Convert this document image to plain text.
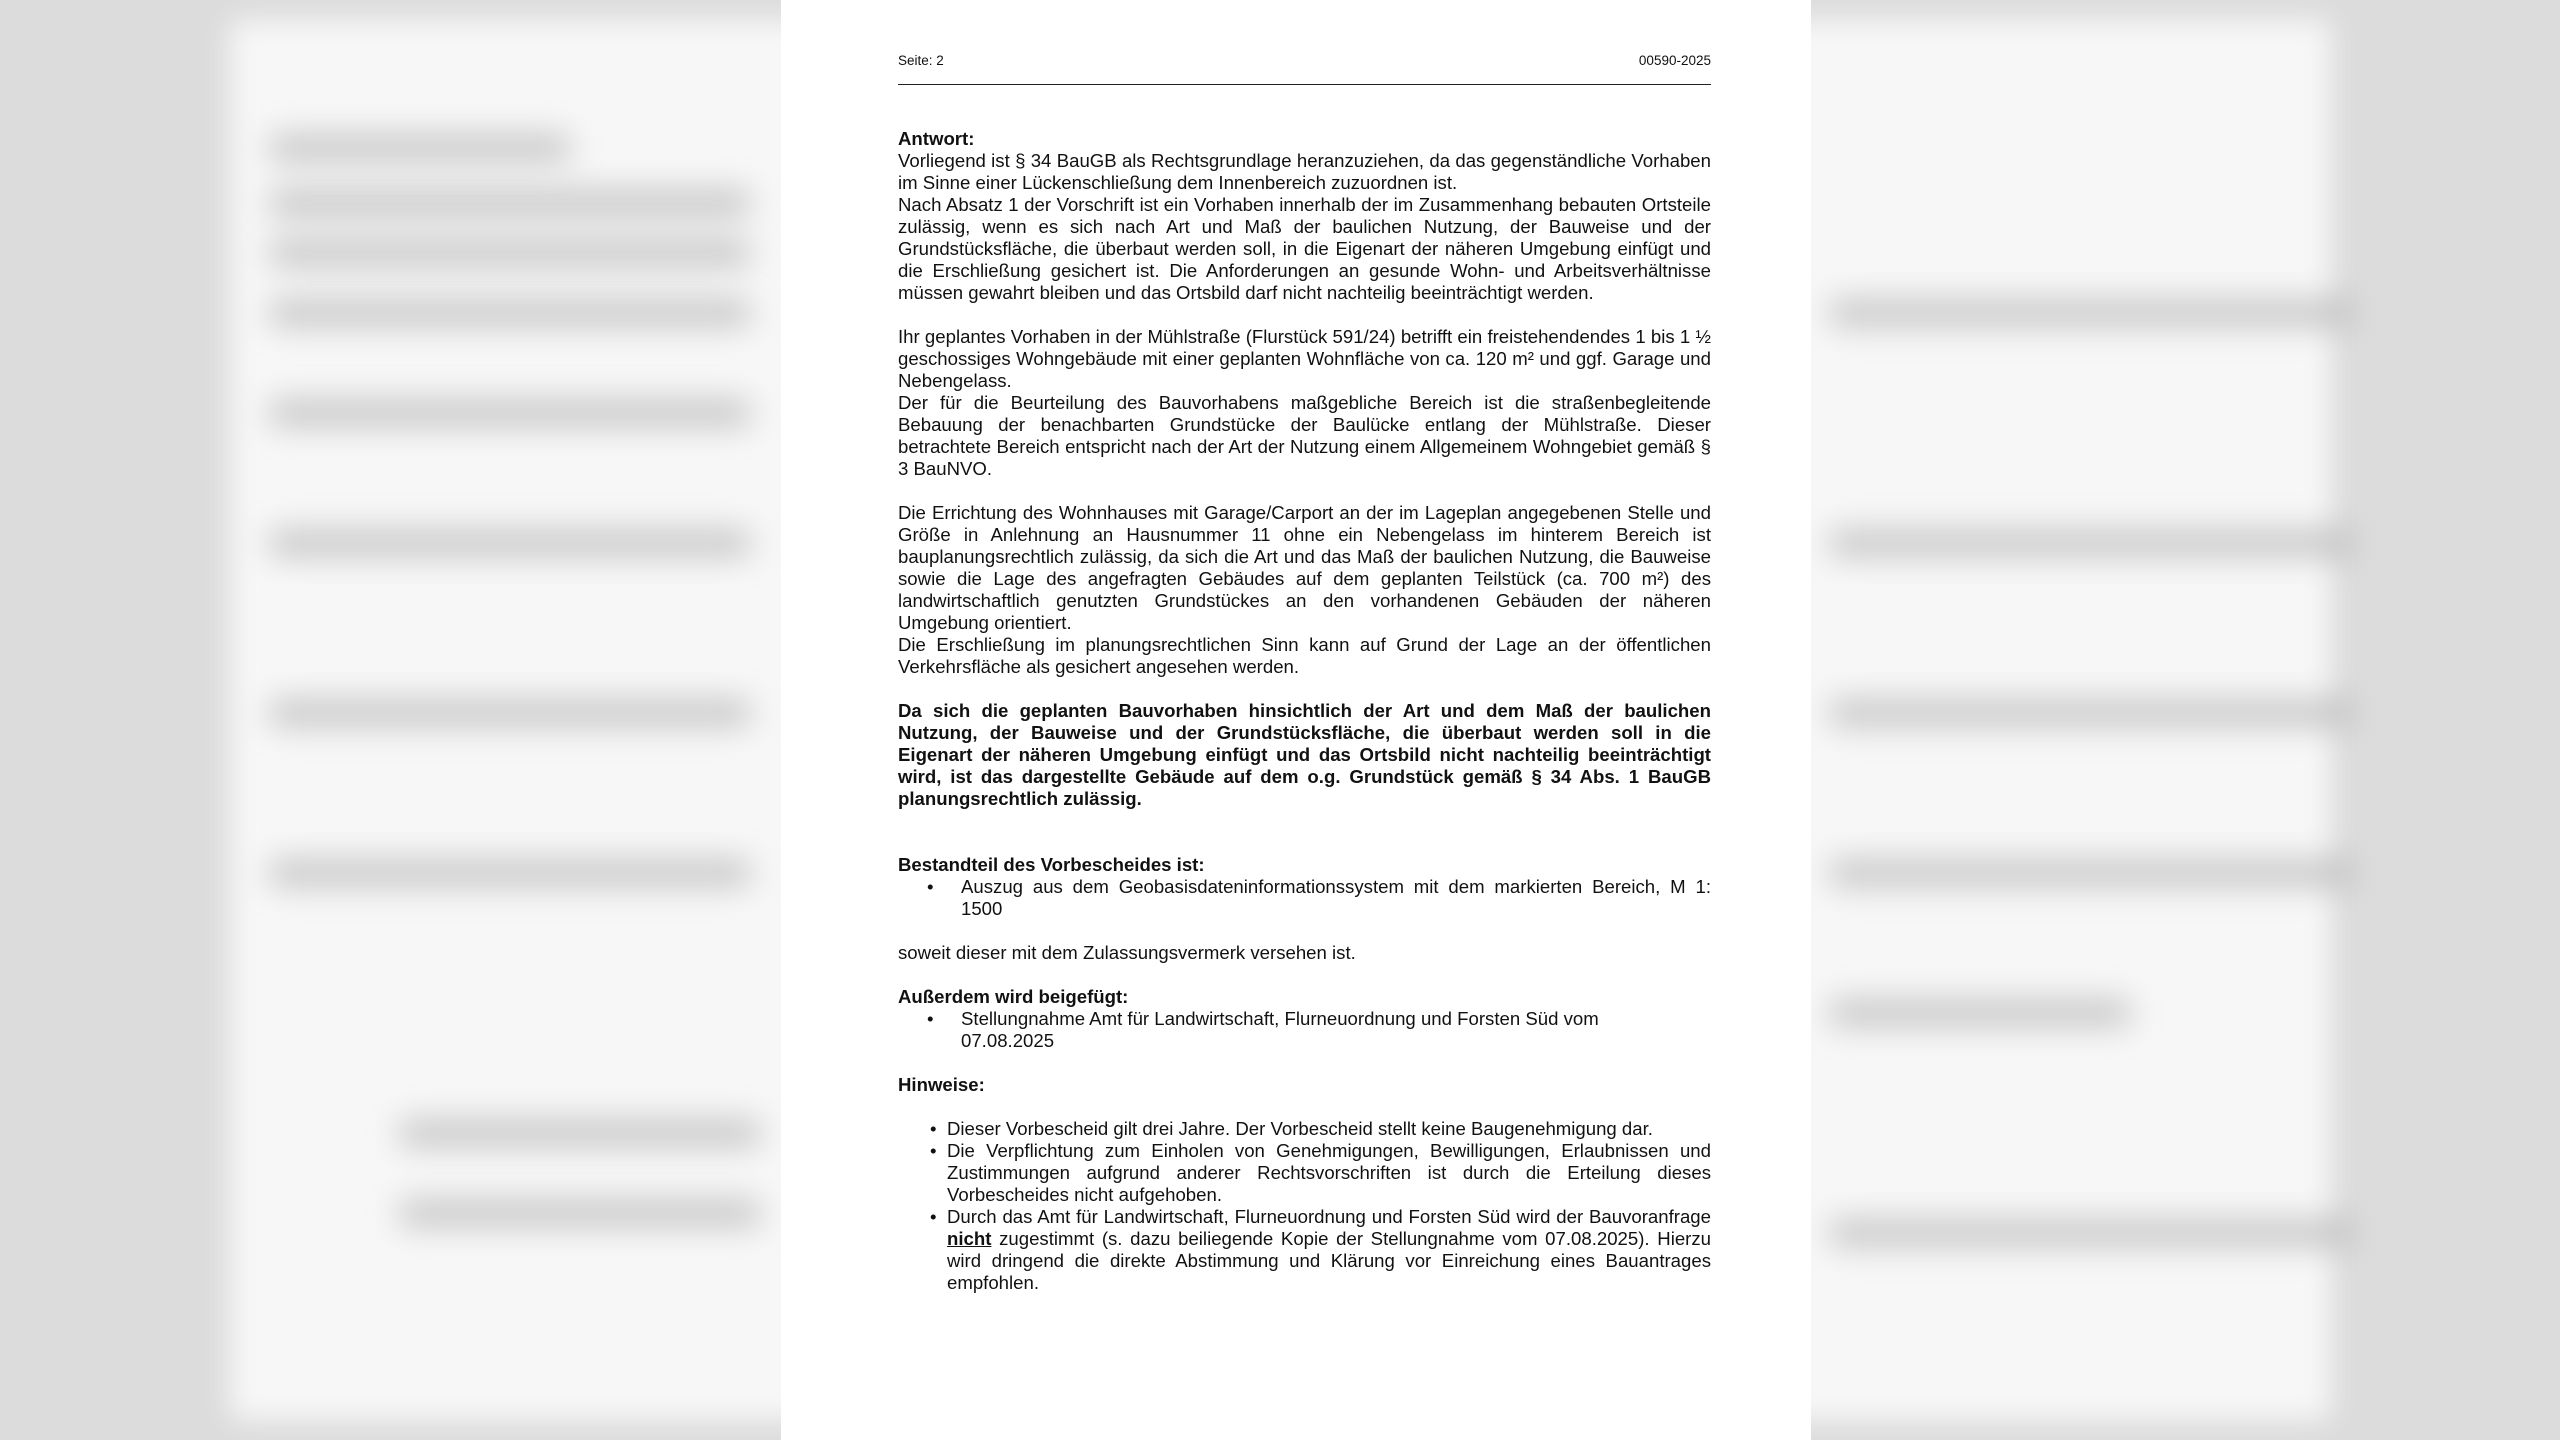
Seite: 2	00590-2025

Antwort:

Vorliegend ist § 34 BauGB als Rechtsgrundlage heranzuziehen, da das gegenständliche Vorhaben im Sinne einer Lückenschließung dem Innenbereich zuzuordnen ist.

Nach Absatz 1 der Vorschrift ist ein Vorhaben innerhalb der im Zusammenhang bebauten Ortsteile zulässig, wenn es sich nach Art und Maß der baulichen Nutzung, der Bauweise und der Grundstücksfläche, die überbaut werden soll, in die Eigenart der näheren Umgebung einfügt und die Erschließung gesichert ist. Die Anforderungen an gesunde Wohn- und Arbeitsverhältnisse müssen gewahrt bleiben und das Ortsbild darf nicht nachteilig beeinträchtigt werden.

Ihr geplantes Vorhaben in der Mühlstraße (Flurstück 591/24) betrifft ein freistehendendes 1 bis 1 ½ geschossiges Wohngebäude mit einer geplanten Wohnfläche von ca. 120 m² und ggf. Garage und Nebengelass.

Der für die Beurteilung des Bauvorhabens maßgebliche Bereich ist die straßenbegleitende Bebauung der benachbarten Grundstücke der Baulücke entlang der Mühlstraße. Dieser betrachtete Bereich entspricht nach der Art der Nutzung einem Allgemeinem Wohngebiet gemäß § 3 BauNVO.

Die Errichtung des Wohnhauses mit Garage/Carport an der im Lageplan angegebenen Stelle und Größe in Anlehnung an Hausnummer 11 ohne ein Nebengelass im hinterem Bereich ist bauplanungsrechtlich zulässig, da sich die Art und das Maß der baulichen Nutzung, die Bauweise sowie die Lage des angefragten Gebäudes auf dem geplanten Teilstück (ca. 700 m²) des landwirtschaftlich genutzten Grundstückes an den vorhandenen Gebäuden der näheren Umgebung orientiert.

Die Erschließung im planungsrechtlichen Sinn kann auf Grund der Lage an der öffentlichen Verkehrsfläche als gesichert angesehen werden.

Da sich die geplanten Bauvorhaben hinsichtlich der Art und dem Maß der baulichen Nutzung, der Bauweise und der Grundstücksfläche, die überbaut werden soll in die Eigenart der näheren Umgebung einfügt und das Ortsbild nicht nachteilig beeinträchtigt wird, ist das dargestellte Gebäude auf dem o.g. Grundstück gemäß § 34 Abs. 1 BauGB planungsrechtlich zulässig.

Bestandteil des Vorbescheides ist:

• Auszug aus dem Geobasisdateninformationssystem mit dem markierten Bereich, M 1: 1500

soweit dieser mit dem Zulassungsvermerk versehen ist.

Außerdem wird beigefügt:

• Stellungnahme Amt für Landwirtschaft, Flurneuordnung und Forsten Süd vom 07.08.2025

Hinweise:

• Dieser Vorbescheid gilt drei Jahre. Der Vorbescheid stellt keine Baugenehmigung dar.
• Die Verpflichtung zum Einholen von Genehmigungen, Bewilligungen, Erlaubnissen und Zustimmungen aufgrund anderer Rechtsvorschriften ist durch die Erteilung dieses Vorbescheides nicht aufgehoben.
• Durch das Amt für Landwirtschaft, Flurneuordnung und Forsten Süd wird der Bauvoranfrage nicht zugestimmt (s. dazu beiliegende Kopie der Stellungnahme vom 07.08.2025). Hierzu wird dringend die direkte Abstimmung und Klärung vor Einreichung eines Bauantrages empfohlen.
